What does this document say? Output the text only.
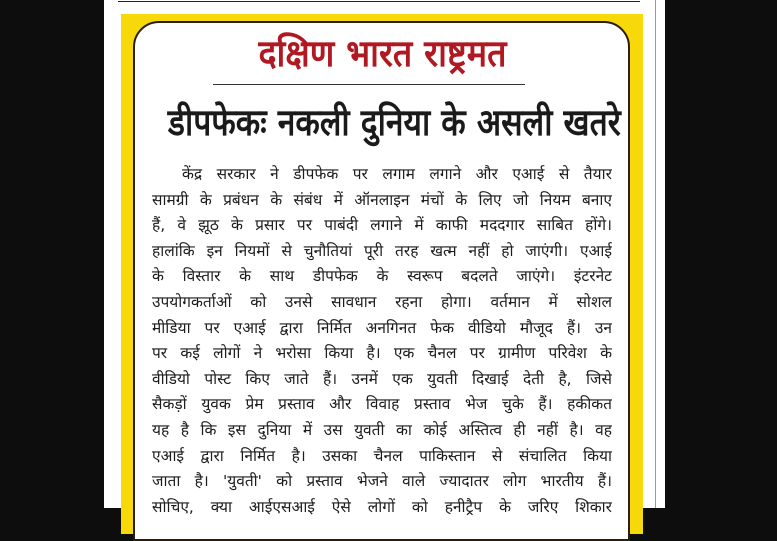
दक्षिण भारत राष्ट्रमत
डीपफेकः नकली दुनिया के असली खतरे
केंद्र सरकार ने डीपफेक पर लगाम लगाने और एआई से तैयार
सामग्री के प्रबंधन के संबंध में ऑनलाइन मंचों के लिए जो नियम बनाए
हैं, वे झूठ के प्रसार पर पाबंदी लगाने में काफी मददगार साबित होंगे।
हालांकि इन नियमों से चुनौतियां पूरी तरह खत्म नहीं हो जाएंगी। एआई
के विस्तार के साथ डीपफेक के स्वरूप बदलते जाएंगे। इंटरनेट
उपयोगकर्ताओं को उनसे सावधान रहना होगा। वर्तमान में सोशल
मीडिया पर एआई द्वारा निर्मित अनगिनत फेक वीडियो मौजूद हैं। उन
पर कई लोगों ने भरोसा किया है। एक चैनल पर ग्रामीण परिवेश के
वीडियो पोस्ट किए जाते हैं। उनमें एक युवती दिखाई देती है, जिसे
सैकड़ों युवक प्रेम प्रस्ताव और विवाह प्रस्ताव भेज चुके हैं। हकीकत
यह है कि इस दुनिया में उस युवती का कोई अस्तित्व ही नहीं है। वह
एआई द्वारा निर्मित है। उसका चैनल पाकिस्तान से संचालित किया
जाता है। 'युवती' को प्रस्ताव भेजने वाले ज्यादातर लोग भारतीय हैं।
सोचिए, क्या आईएसआई ऐसे लोगों को हनीट्रैप के जरिए शिकार
